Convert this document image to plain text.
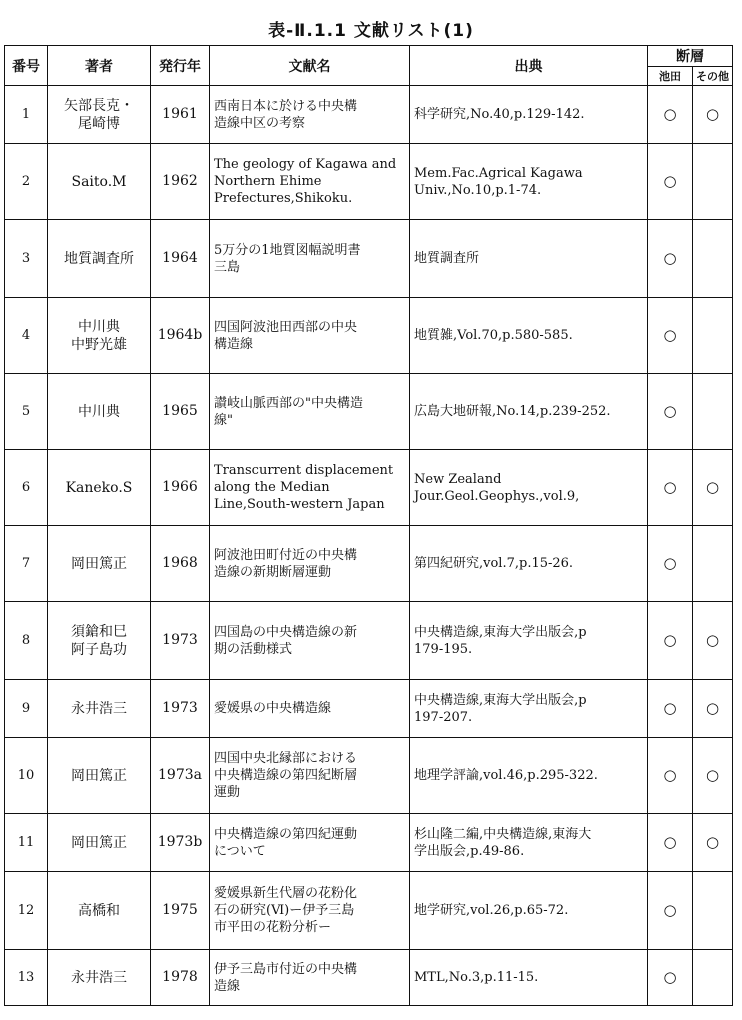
表-Ⅱ.1.1 文献リスト(1)
番号	著者	発行年	文献名	出典	断層	
					池田	その他
1	矢部長克・
尾崎博	1961	西南日本に於ける中央構
造線中区の考察	科学研究,No.40,p.129-142.	○	○
2	Saito.M	1962	The geology of Kagawa and
Northern Ehime
Prefectures,Shikoku.	Mem.Fac.Agrical Kagawa
Univ.,No.10,p.1-74.	○	
3	地質調査所	1964	5万分の1地質図幅説明書
三島	地質調査所	○	
4	中川典
中野光雄	1964b	四国阿波池田西部の中央
構造線	地質雑,Vol.70,p.580-585.	○	
5	中川典	1965	讃岐山脈西部の"中央構造
線"	広島大地研報,No.14,p.239-252.	○	
6	Kaneko.S	1966	Transcurrent displacement
along the Median
Line,South-western Japan	New Zealand
Jour.Geol.Geophys.,vol.9,	○	○
7	岡田篤正	1968	阿波池田町付近の中央構
造線の新期断層運動	第四紀研究,vol.7,p.15-26.	○	
8	須鎗和巳
阿子島功	1973	四国島の中央構造線の新
期の活動様式	中央構造線,東海大学出版会,p
179-195.	○	○
9	永井浩三	1973	愛媛県の中央構造線	中央構造線,東海大学出版会,p
197-207.	○	○
10	岡田篤正	1973a	四国中央北縁部における
中央構造線の第四紀断層
運動	地理学評論,vol.46,p.295-322.	○	○
11	岡田篤正	1973b	中央構造線の第四紀運動
について	杉山隆二編,中央構造線,東海大
学出版会,p.49-86.	○	○
12	高橋和	1975	愛媛県新生代層の花粉化
石の研究(Ⅵ)ー伊予三島
市平田の花粉分析ー	地学研究,vol.26,p.65-72.	○	
13	永井浩三	1978	伊予三島市付近の中央構
造線	MTL,No.3,p.11-15.	○	
